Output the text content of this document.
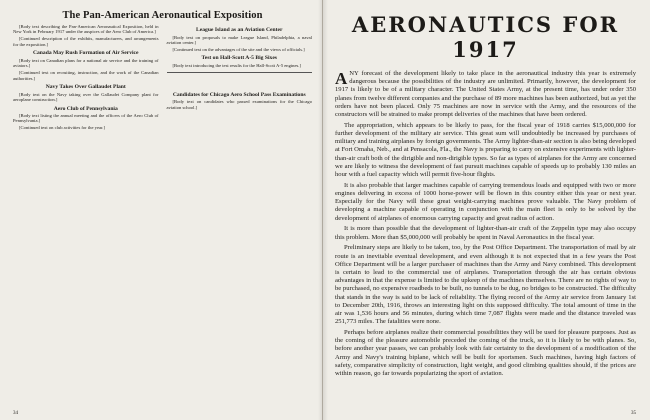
The Pan-American Aeronautical Exposition
[Body text describing the Pan-American Aeronautical Exposition, held in New York in February 1917 under the auspices of the Aero Club of America.]
[Continued description of the exhibits, manufacturers, and arrangements for the exposition.]
Canada May Rush Formation of Air Service
[Body text on Canadian plans for a national air service and the training of aviators.]
[Continued text on recruiting, instruction, and the work of the Canadian authorities.]
Navy Takes Over Gallaudet Plant
[Body text on the Navy taking over the Gallaudet Company plant for aeroplane construction.]
Aero Club of Pennsylvania
[Body text listing the annual meeting and the officers of the Aero Club of Pennsylvania.]
[Continued text on club activities for the year.]
League Island as an Aviation Center
[Body text on proposals to make League Island, Philadelphia, a naval aviation center.]
[Continued text on the advantages of the site and the views of officials.]
Test on Hall-Scott A-5 Big Sixes
[Body text introducing the test results for the Hall-Scott A-5 engines.]

Candidates for Chicago Aero School Pass Examinations
[Body text on candidates who passed examinations for the Chicago aviation school.]
34
AERONAUTICS FOR 1917
ANY forecast of the development likely to take place in the aeronautical industry this year is extremely dangerous because the possibilities of the industry are unlimited. Primarily, however, the development for 1917 is likely to be of a military character. The United States Army, at the present time, has under order 350 planes from twelve different companies and the purchase of 89 more machines has been authorized, but as yet the orders have not been placed. Only 75 machines are now in service with the Army, and the resources of the constructors will be strained to make prompt deliveries of the machines that have been ordered.
The appropriation, which appears to be likely to pass, for the fiscal year of 1918 carries $15,000,000 for further development of the military air service. This great sum will undoubtedly be increased by purchases of military and training airplanes by foreign governments. The Army lighter-than-air section is also being developed at Fort Omaha, Neb., and at Pensacola, Fla., the Navy is preparing to carry on extensive experiments with lighter-than-air craft both of the dirigible and non-dirigible types. So far as types of airplanes for the Army are concerned we are likely to witness the development of fast pursuit machines capable of speeds up to probably 130 miles an hour with a fuel capacity which will permit five-hour flights.
It is also probable that larger machines capable of carrying tremendous loads and equipped with two or more engines delivering in excess of 1000 horse-power will be flown in this country either this year or next year. Especially for the Navy will these great weight-carrying machines prove valuable. The Navy problem of developing a machine capable of operating in conjunction with the main fleet is only to be solved by the development of airplanes of enormous carrying capacity and great radius of action.
It is more than possible that the development of lighter-than-air craft of the Zeppelin type may also occupy this problem. More than $5,000,000 will probably be spent in Naval Aeronautics in the fiscal year.
Preliminary steps are likely to be taken, too, by the Post Office Department. The transportation of mail by air route is an inevitable eventual development, and even although it is not expected that in a few years the Post Office Department will be a larger purchaser of machines than the Army and Navy combined. This development is certain to lead to the commercial use of airplanes. Transportation through the air has certain obvious advantages in that the expense is limited to the upkeep of the machines themselves. There are no rights of way to be purchased, no expensive roadbeds to be built, no tunnels to be dug, no bridges to be constructed. The difficulty that stands in the way is said to be lack of reliability. The flying record of the Army air service from January 1st to December 20th, 1916, throws an interesting light on this supposed difficulty. The total amount of time in the air was 1,536 hours and 56 minutes, during which time 7,087 flights were made and the distance traveled was 251,773 miles. The fatalities were none.
Perhaps before airplanes realize their commercial possibilities they will be used for pleasure purposes. Just as the coming of the pleasure automobile preceded the coming of the truck, so it is likely to be with planes. So, before another year passes, we can probably look with fair certainty to the development of a modification of the Army and Navy's training biplane, which will be built for sportsmen. Such machines, having high factors of safety, comparative simplicity of construction, light weight, and good climbing qualities should, if the prices are within reason, go far towards popularizing the sport of aviation.
35
